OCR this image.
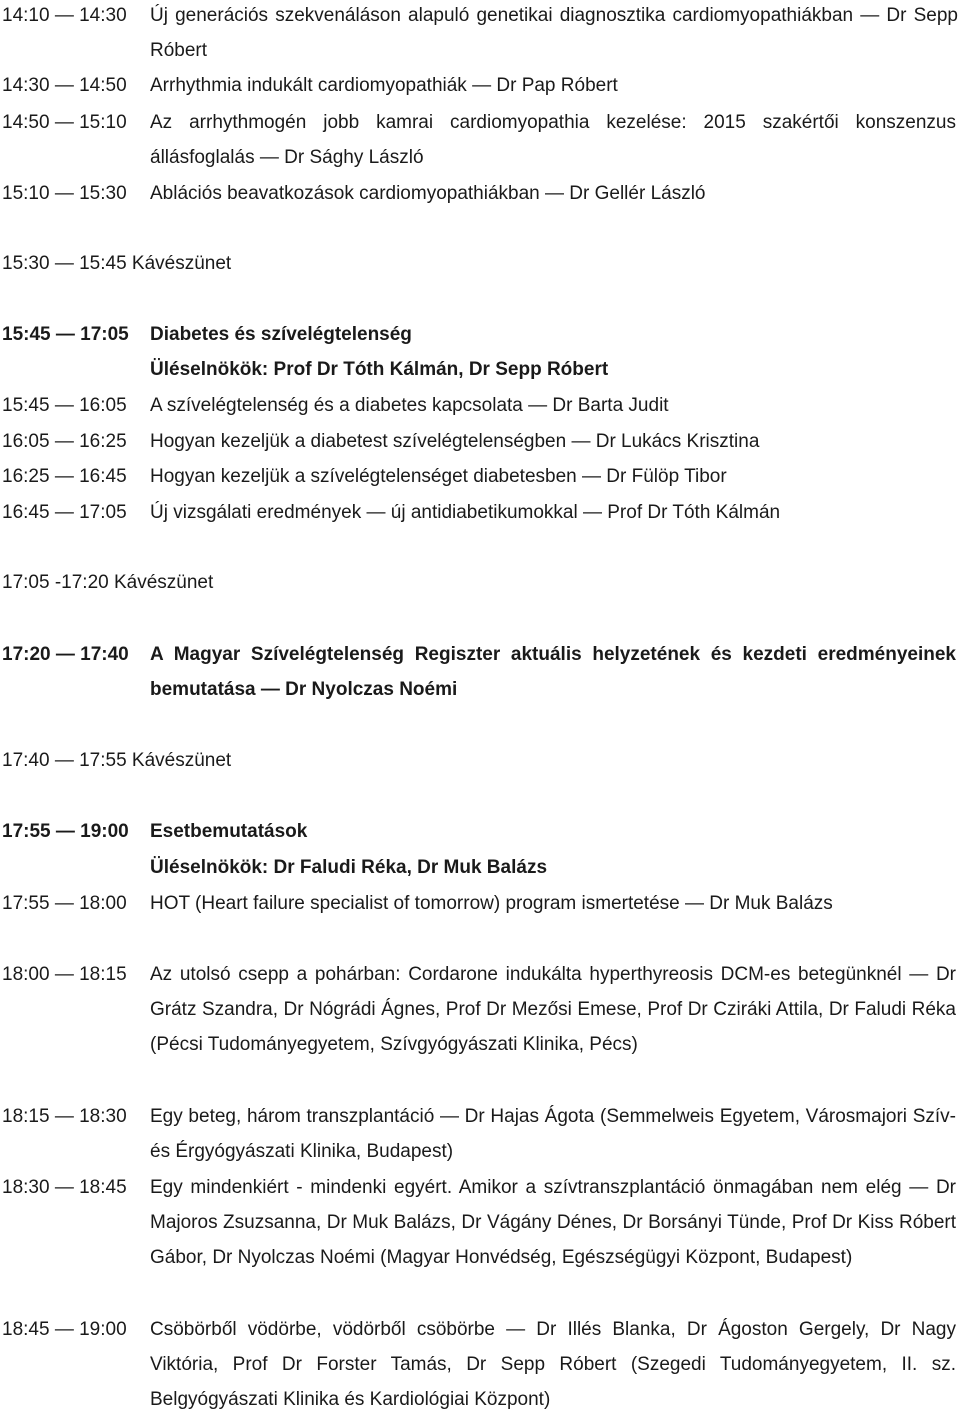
14:10 — 14:30 Új generációs szekvenáláson alapuló genetikai diagnosztika cardiomyopathiákban — Dr Sepp Róbert
14:30 — 14:50 Arrhythmia indukált cardiomyopathiák — Dr Pap Róbert
14:50 — 15:10 Az arrhythmogén jobb kamrai cardiomyopathia kezelése: 2015 szakértői konszenzus állásfoglalás — Dr Sághy László
15:10 — 15:30 Ablációs beavatkozások cardiomyopathiákban — Dr Gellér László
15:30 — 15:45 Kávészünet
15:45 — 17:05 Diabetes és szívelégtelenség
Üléselnökök: Prof Dr Tóth Kálmán, Dr Sepp Róbert
15:45 — 16:05 A szívelégtelenség és a diabetes kapcsolata — Dr Barta Judit
16:05 — 16:25 Hogyan kezeljük a diabetest szívelégtelenségben — Dr Lukács Krisztina
16:25 — 16:45 Hogyan kezeljük a szívelégtelenséget diabetesben — Dr Fülöp Tibor
16:45 — 17:05 Új vizsgálati eredmények — új antidiabetikumokkal — Prof Dr Tóth Kálmán
17:05 -17:20 Kávészünet
17:20 — 17:40 A Magyar Szívelégtelenség Regiszter aktuális helyzetének és kezdeti eredményeinek bemutatása — Dr Nyolczas Noémi
17:40 — 17:55 Kávészünet
17:55 — 19:00 Esetbemutatások
Üléselnökök: Dr Faludi Réka, Dr Muk Balázs
17:55 — 18:00 HOT (Heart failure specialist of tomorrow) program ismertetése — Dr Muk Balázs
18:00 — 18:15 Az utolsó csepp a pohárban: Cordarone indukálta hyperthyreosis DCM-es betegünknél — Dr Grátz Szandra, Dr Nógrádi Ágnes, Prof Dr Mezősi Emese, Prof Dr Cziráki Attila, Dr Faludi Réka (Pécsi Tudományegyetem, Szívgyógyászati Klinika, Pécs)
18:15 — 18:30 Egy beteg, három transzplantáció — Dr Hajas Ágota (Semmelweis Egyetem, Városmajori Szív- és Érgyógyászati Klinika, Budapest)
18:30 — 18:45 Egy mindenkiért - mindenki egyért. Amikor a szívtranszplantáció önmagában nem elég — Dr Majoros Zsuzsanna, Dr Muk Balázs, Dr Vágány Dénes, Dr Borsányi Tünde, Prof Dr Kiss Róbert Gábor, Dr Nyolczas Noémi (Magyar Honvédség, Egészségügyi Központ, Budapest)
18:45 — 19:00 Csöbörből vödörbe, vödörből csöbörbe — Dr Illés Blanka, Dr Ágoston Gergely, Dr Nagy Viktória, Prof Dr Forster Tamás, Dr Sepp Róbert (Szegedi Tudományegyetem, II. sz. Belgyógyászati Klinika és Kardiológiai Központ)
